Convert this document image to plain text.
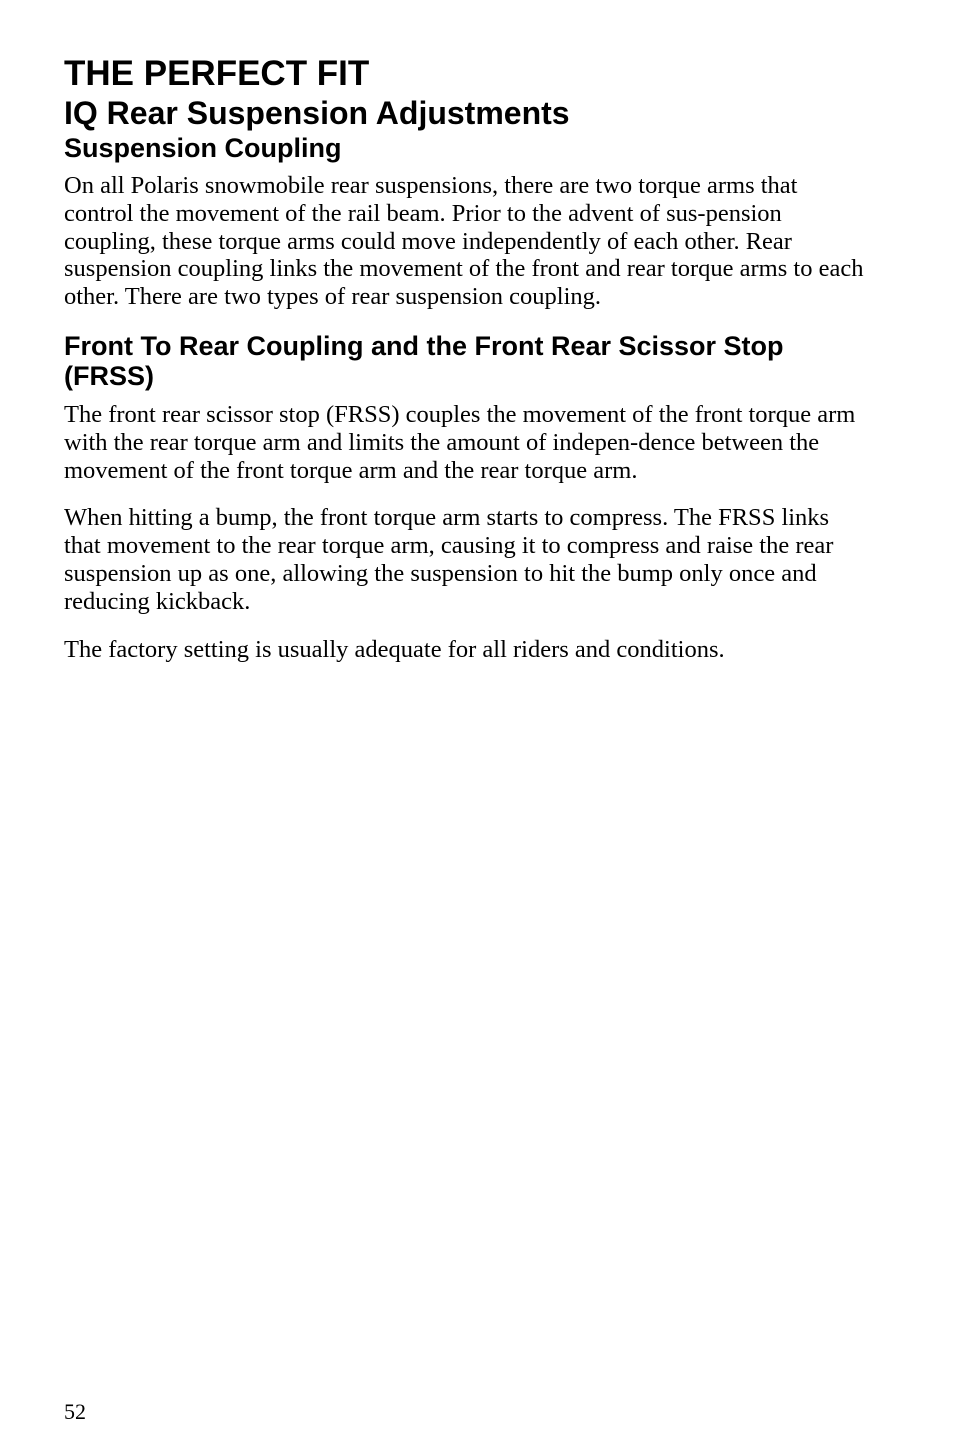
THE PERFECT FIT
IQ Rear Suspension Adjustments
Suspension Coupling

On all Polaris snowmobile rear suspensions, there are two torque arms that control the movement of the rail beam. Prior to the advent of sus-pension coupling, these torque arms could move independently of each other. Rear suspension coupling links the movement of the front and rear torque arms to each other. There are two types of rear suspension coupling.

Front To Rear Coupling and the Front Rear Scissor Stop (FRSS)

The front rear scissor stop (FRSS) couples the movement of the front torque arm with the rear torque arm and limits the amount of indepen-dence between the movement of the front torque arm and the rear torque arm.

When hitting a bump, the front torque arm starts to compress. The FRSS links that movement to the rear torque arm, causing it to compress and raise the rear suspension up as one, allowing the suspension to hit the bump only once and reducing kickback.

The factory setting is usually adequate for all riders and conditions.

52
